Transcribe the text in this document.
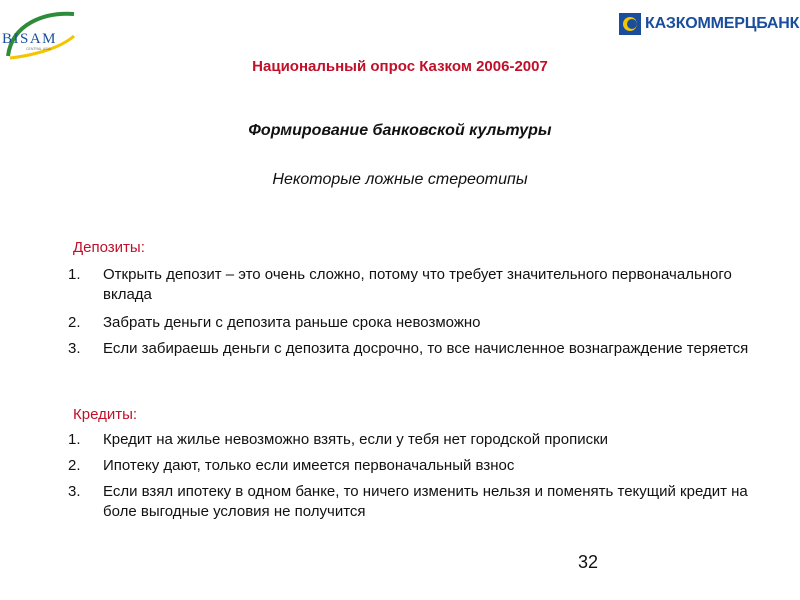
BISAM
CENTRAL ASIA
КАЗКОММЕРЦБАНК
Национальный опрос Казком 2006-2007
Формирование банковской культуры
Некоторые ложные стереотипы
Депозиты:
1.	Открыть депозит – это очень сложно, потому что требует значительного первоначального вклада
2.	Забрать деньги с депозита раньше срока невозможно
3.	Если забираешь деньги с депозита досрочно, то все начисленное вознаграждение теряется
Кредиты:
1.	Кредит на жилье невозможно взять, если у тебя нет городской прописки
2.	Ипотеку дают, только если имеется первоначальный взнос
3.	Если взял ипотеку в одном банке, то ничего изменить нельзя и поменять текущий кредит на боле выгодные условия не получится
32
